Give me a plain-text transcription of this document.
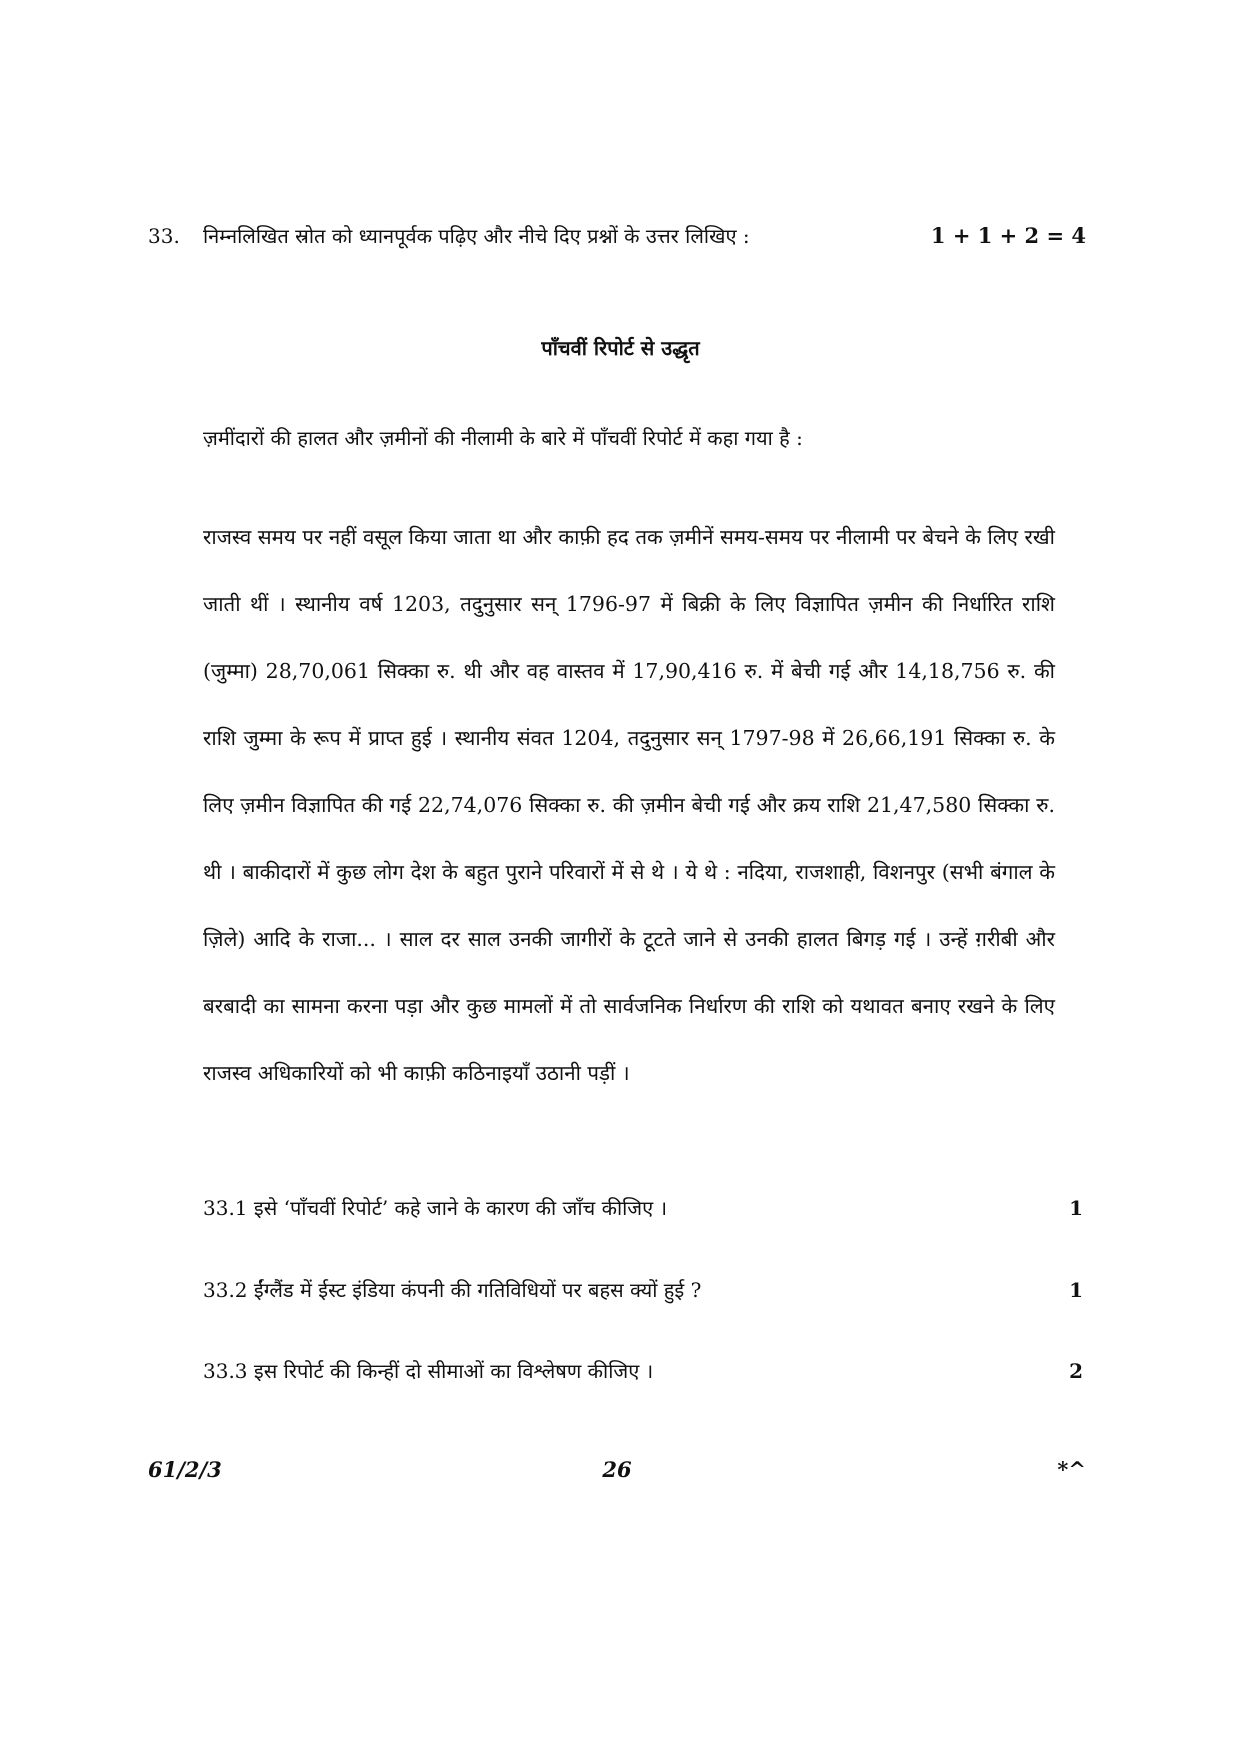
33. निम्नलिखित स्रोत को ध्यानपूर्वक पढ़िए और नीचे दिए प्रश्नों के उत्तर लिखिए :	1 + 1 + 2 = 4
पाँचवीं रिपोर्ट से उद्धृत
ज़मींदारों की हालत और ज़मीनों की नीलामी के बारे में पाँचवीं रिपोर्ट में कहा गया है :
राजस्व समय पर नहीं वसूल किया जाता था और काफ़ी हद तक ज़मीनें समय-समय पर नीलामी पर बेचने के लिए रखी जाती थीं । स्थानीय वर्ष 1203, तदुनुसार सन् 1796-97 में बिक्री के लिए विज्ञापित ज़मीन की निर्धारित राशि (जुम्मा) 28,70,061 सिक्का रु. थी और वह वास्तव में 17,90,416 रु. में बेची गई और 14,18,756 रु. की राशि जुम्मा के रूप में प्राप्त हुई । स्थानीय संवत 1204, तदुनुसार सन् 1797-98 में 26,66,191 सिक्का रु. के लिए ज़मीन विज्ञापित की गई 22,74,076 सिक्का रु. की ज़मीन बेची गई और क्रय राशि 21,47,580 सिक्का रु. थी । बाकीदारों में कुछ लोग देश के बहुत पुराने परिवारों में से थे । ये थे : नदिया, राजशाही, विशनपुर (सभी बंगाल के ज़िले) आदि के राजा... । साल दर साल उनकी जागीरों के टूटते जाने से उनकी हालत बिगड़ गई । उन्हें ग़रीबी और बरबादी का सामना करना पड़ा और कुछ मामलों में तो सार्वजनिक निर्धारण की राशि को यथावत बनाए रखने के लिए राजस्व अधिकारियों को भी काफ़ी कठिनाइयाँ उठानी पड़ीं ।
33.1 इसे ‘पाँचवीं रिपोर्ट’ कहे जाने के कारण की जाँच कीजिए ।	1
33.2 ईंग्लैंड में ईस्ट इंडिया कंपनी की गतिविधियों पर बहस क्यों हुई ?	1
33.3 इस रिपोर्ट की किन्हीं दो सीमाओं का विश्लेषण कीजिए ।	2
61/2/3	26	*^
